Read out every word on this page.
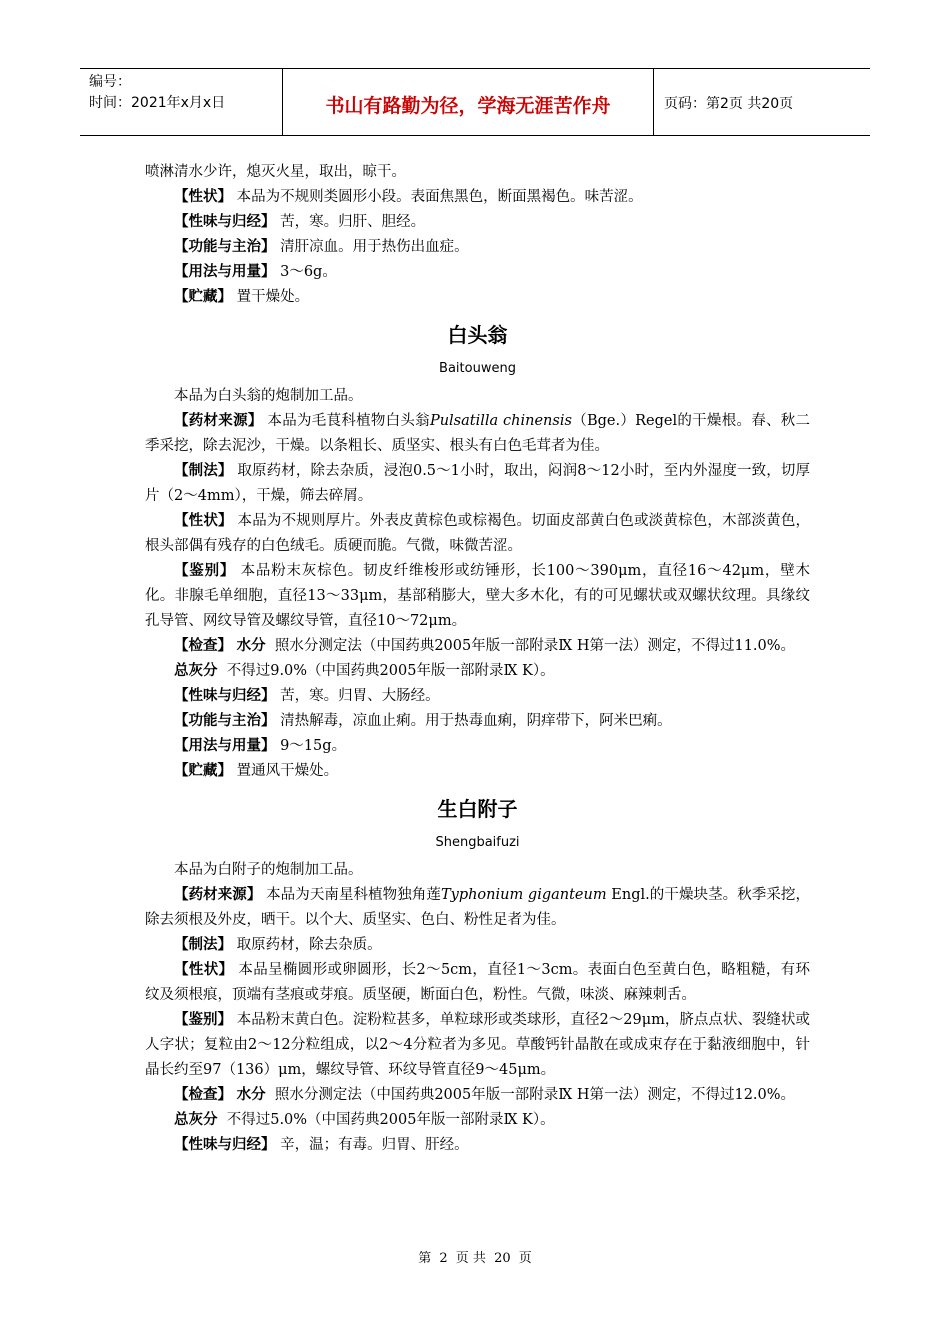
编号：
时间：2021年x月x日	书山有路勤为径，学海无涯苦作舟	页码：第2页 共20页

喷淋清水少许，熄灭火星，取出，晾干。

【性状】 本品为不规则类圆形小段。表面焦黑色，断面黑褐色。味苦涩。

【性味与归经】 苦，寒。归肝、胆经。

【功能与主治】 清肝凉血。用于热伤出血症。

【用法与用量】 3～6g。

【贮藏】 置干燥处。

白头翁
Baitouweng

本品为白头翁的炮制加工品。

【药材来源】 本品为毛茛科植物白头翁Pulsatilla chinensis（Bge.）Regel的干燥根。春、秋二季采挖，除去泥沙，干燥。以条粗长、质坚实、根头有白色毛茸者为佳。

【制法】 取原药材，除去杂质，浸泡0.5～1小时，取出，闷润8～12小时，至内外湿度一致，切厚片（2～4mm），干燥，筛去碎屑。

【性状】 本品为不规则厚片。外表皮黄棕色或棕褐色。切面皮部黄白色或淡黄棕色，木部淡黄色，根头部偶有残存的白色绒毛。质硬而脆。气微，味微苦涩。

【鉴别】 本品粉末灰棕色。韧皮纤维梭形或纺锤形，长100～390μm，直径16～42μm，壁木化。非腺毛单细胞，直径13～33μm，基部稍膨大，壁大多木化，有的可见螺状或双螺状纹理。具缘纹孔导管、网纹导管及螺纹导管，直径10～72μm。

【检查】 水分 照水分测定法（中国药典2005年版一部附录Ⅸ H第一法）测定，不得过11.0%。

总灰分 不得过9.0%（中国药典2005年版一部附录Ⅸ K）。

【性味与归经】 苦，寒。归胃、大肠经。

【功能与主治】 清热解毒，凉血止痢。用于热毒血痢，阴痒带下，阿米巴痢。

【用法与用量】 9～15g。

【贮藏】 置通风干燥处。

生白附子
Shengbaifuzi

本品为白附子的炮制加工品。

【药材来源】 本品为天南星科植物独角莲Typhonium giganteum Engl.的干燥块茎。秋季采挖，除去须根及外皮，晒干。以个大、质坚实、色白、粉性足者为佳。

【制法】 取原药材，除去杂质。

【性状】 本品呈椭圆形或卵圆形，长2～5cm，直径1～3cm。表面白色至黄白色，略粗糙，有环纹及须根痕，顶端有茎痕或芽痕。质坚硬，断面白色，粉性。气微，味淡、麻辣刺舌。

【鉴别】 本品粉末黄白色。淀粉粒甚多，单粒球形或类球形，直径2～29μm，脐点点状、裂缝状或人字状；复粒由2～12分粒组成，以2～4分粒者为多见。草酸钙针晶散在或成束存在于黏液细胞中，针晶长约至97（136）μm，螺纹导管、环纹导管直径9～45μm。

【检查】 水分 照水分测定法（中国药典2005年版一部附录Ⅸ H第一法）测定，不得过12.0%。

总灰分 不得过5.0%（中国药典2005年版一部附录Ⅸ K）。

【性味与归经】 辛，温；有毒。归胃、肝经。

第 2 页 共 20 页
